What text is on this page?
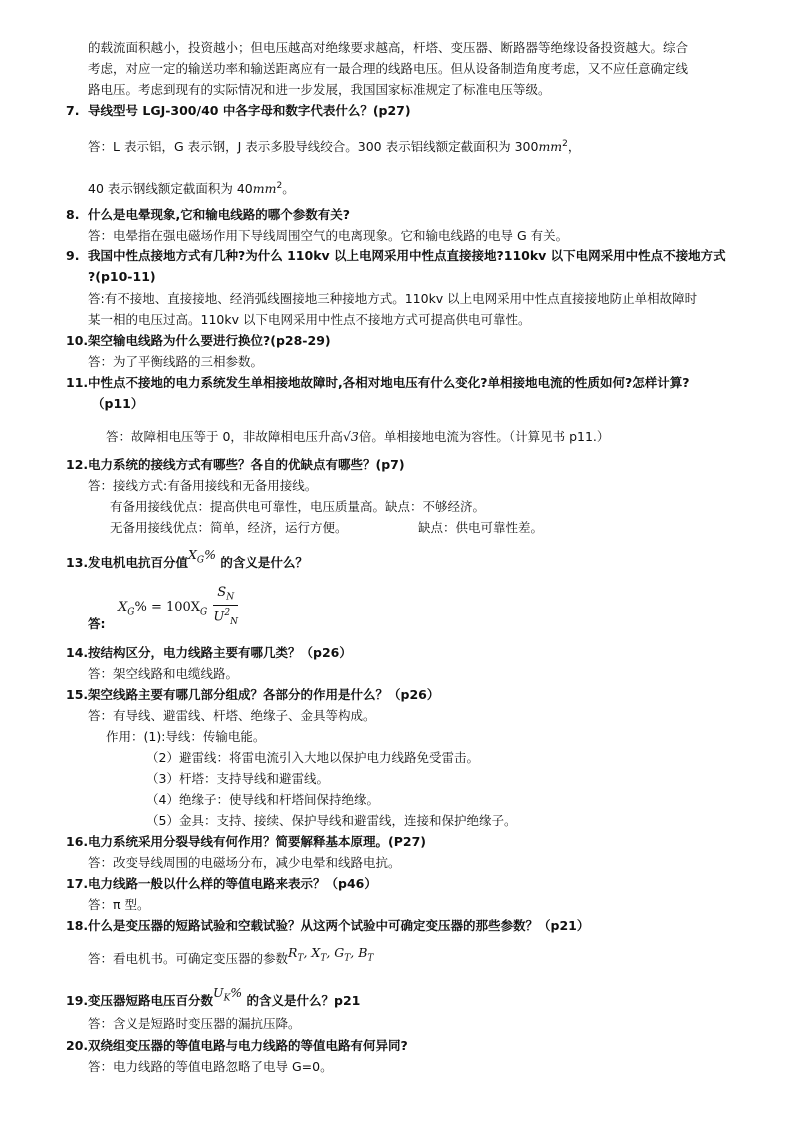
的载流面积越小，投资越小；但电压越高对绝缘要求越高，杆塔、变压器、断路器等绝缘设备投资越大。综合
考虑，对应一定的输送功率和输送距离应有一最合理的线路电压。但从设备制造角度考虑，又不应任意确定线
路电压。考虑到现有的实际情况和进一步发展，我国国家标准规定了标准电压等级。
7. 导线型号 LGJ-300/40 中各字母和数字代表什么？(p27)
答：L 表示铝，G 表示钢，J 表示多股导线绞合。300 表示铝线额定截面积为 $300mm^2$，
40 表示钢线额定截面积为 $40mm^2$。
8. 什么是电晕现象,它和输电线路的哪个参数有关?
答：电晕指在强电磁场作用下导线周围空气的电离现象。它和输电线路的电导 G 有关。
9. 我国中性点接地方式有几种?为什么 110kv 以上电网采用中性点直接接地?110kv 以下电网采用中性点不接地方式
?(p10-11)
答:有不接地、直接接地、经消弧线圈接地三种接地方式。110kv 以上电网采用中性点直接接地防止单相故障时
某一相的电压过高。110kv 以下电网采用中性点不接地方式可提高供电可靠性。
10. 架空输电线路为什么要进行换位?(p28-29)
答：为了平衡线路的三相参数。
11. 中性点不接地的电力系统发生单相接地故障时,各相对地电压有什么变化?单相接地电流的性质如何?怎样计算?
（p11）
答：故障相电压等于 0，非故障相电压升高√3倍。单相接地电流为容性。（计算见书 p11.）
12. 电力系统的接线方式有哪些？各自的优缺点有哪些？(p7)
答：接线方式:有备用接线和无备用接线。
有备用接线优点：提高供电可靠性，电压质量高。缺点：不够经济。
无备用接线优点：简单，经济，运行方便。	缺点：供电可靠性差。
13. 发电机电抗百分值$X_G\%$ 的含义是什么？
$X_G\% = 100X_G \frac{S_N}{U^2_N}$
答:
14. 按结构区分，电力线路主要有哪几类？（p26）
答：架空线路和电缆线路。
15. 架空线路主要有哪几部分组成？各部分的作用是什么？（p26）
答：有导线、避雷线、杆塔、绝缘子、金具等构成。
作用：(1):导线：传输电能。
（2）避雷线：将雷电流引入大地以保护电力线路免受雷击。
（3）杆塔：支持导线和避雷线。
（4）绝缘子：使导线和杆塔间保持绝缘。
（5）金具：支持、接续、保护导线和避雷线，连接和保护绝缘子。
16. 电力系统采用分裂导线有何作用？简要解释基本原理。(P27)
答：改变导线周围的电磁场分布，减少电晕和线路电抗。
17. 电力线路一般以什么样的等值电路来表示？（p46）
答：π 型。
18. 什么是变压器的短路试验和空载试验？从这两个试验中可确定变压器的那些参数？（p21）
答：看电机书。可确定变压器的参数$R_T$, $X_T$, $G_T$, $B_T$
19. 变压器短路电压百分数$U_K\%$ 的含义是什么？p21
答：含义是短路时变压器的漏抗压降。
20. 双绕组变压器的等值电路与电力线路的等值电路有何异同?
答：电力线路的等值电路忽略了电导 G=0。
